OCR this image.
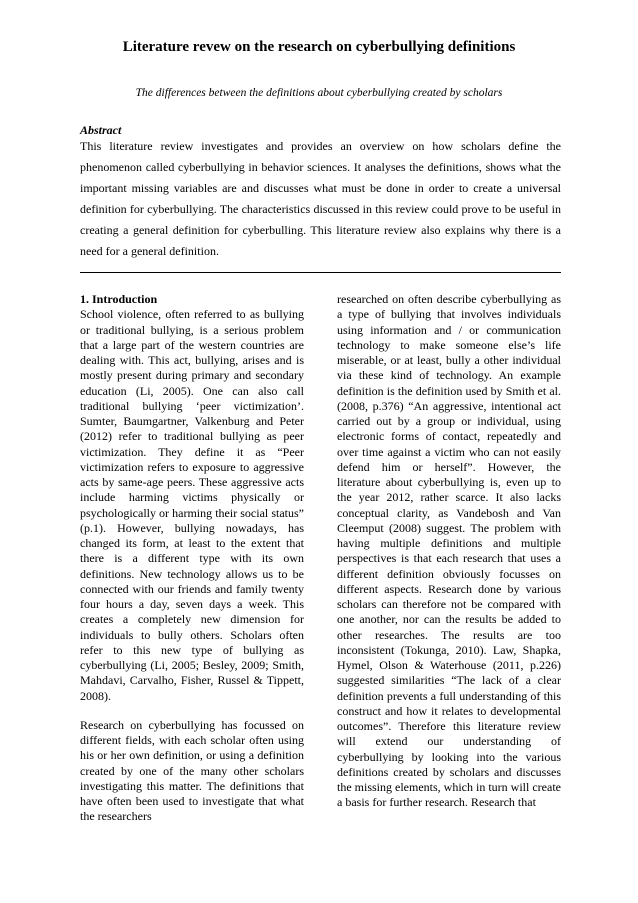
Literature revew on the research on cyberbullying definitions
The differences between the definitions about cyberbullying created by scholars
Abstract
This literature review investigates and provides an overview on how scholars define the phenomenon called cyberbullying in behavior sciences. It analyses the definitions, shows what the important missing variables are and discusses what must be done in order to create a universal definition for cyberbullying. The characteristics discussed in this review could prove to be useful in creating a general definition for cyberbulling. This literature review also explains why there is a need for a general definition.

1. Introduction

School violence, often referred to as bullying or traditional bullying, is a serious problem that a large part of the western countries are dealing with. This act, bullying, arises and is mostly present during primary and secondary education (Li, 2005). One can also call traditional bullying ‘peer victimization’. Sumter, Baumgartner, Valkenburg and Peter (2012) refer to traditional bullying as peer victimization. They define it as “Peer victimization refers to exposure to aggressive acts by same-age peers. These aggressive acts include harming victims physically or psychologically or harming their social status” (p.1). However, bullying nowadays, has changed its form, at least to the extent that there is a different type with its own definitions. New technology allows us to be connected with our friends and family twenty four hours a day, seven days a week. This creates a completely new dimension for individuals to bully others. Scholars often refer to this new type of bullying as cyberbullying (Li, 2005; Besley, 2009; Smith, Mahdavi, Carvalho, Fisher, Russel & Tippett, 2008).

Research on cyberbullying has focussed on different fields, with each scholar often using his or her own definition, or using a definition created by one of the many other scholars investigating this matter. The definitions that have often been used to investigate that what the researchers

researched on often describe cyberbullying as a type of bullying that involves individuals using information and / or communication technology to make someone else’s life miserable, or at least, bully a other individual via these kind of technology. An example definition is the definition used by Smith et al. (2008, p.376) “An aggressive, intentional act carried out by a group or individual, using electronic forms of contact, repeatedly and over time against a victim who can not easily defend him or herself”. However, the literature about cyberbullying is, even up to the year 2012, rather scarce. It also lacks conceptual clarity, as Vandebosh and Van Cleemput (2008) suggest. The problem with having multiple definitions and multiple perspectives is that each research that uses a different definition obviously focusses on different aspects. Research done by various scholars can therefore not be compared with one another, nor can the results be added to other researches. The results are too inconsistent (Tokunga, 2010). Law, Shapka, Hymel, Olson & Waterhouse (2011, p.226) suggested similarities “The lack of a clear definition prevents a full understanding of this construct and how it relates to developmental outcomes”. Therefore this literature review will extend our understanding of cyberbullying by looking into the various definitions created by scholars and discusses the missing elements, which in turn will create a basis for further research. Research that
